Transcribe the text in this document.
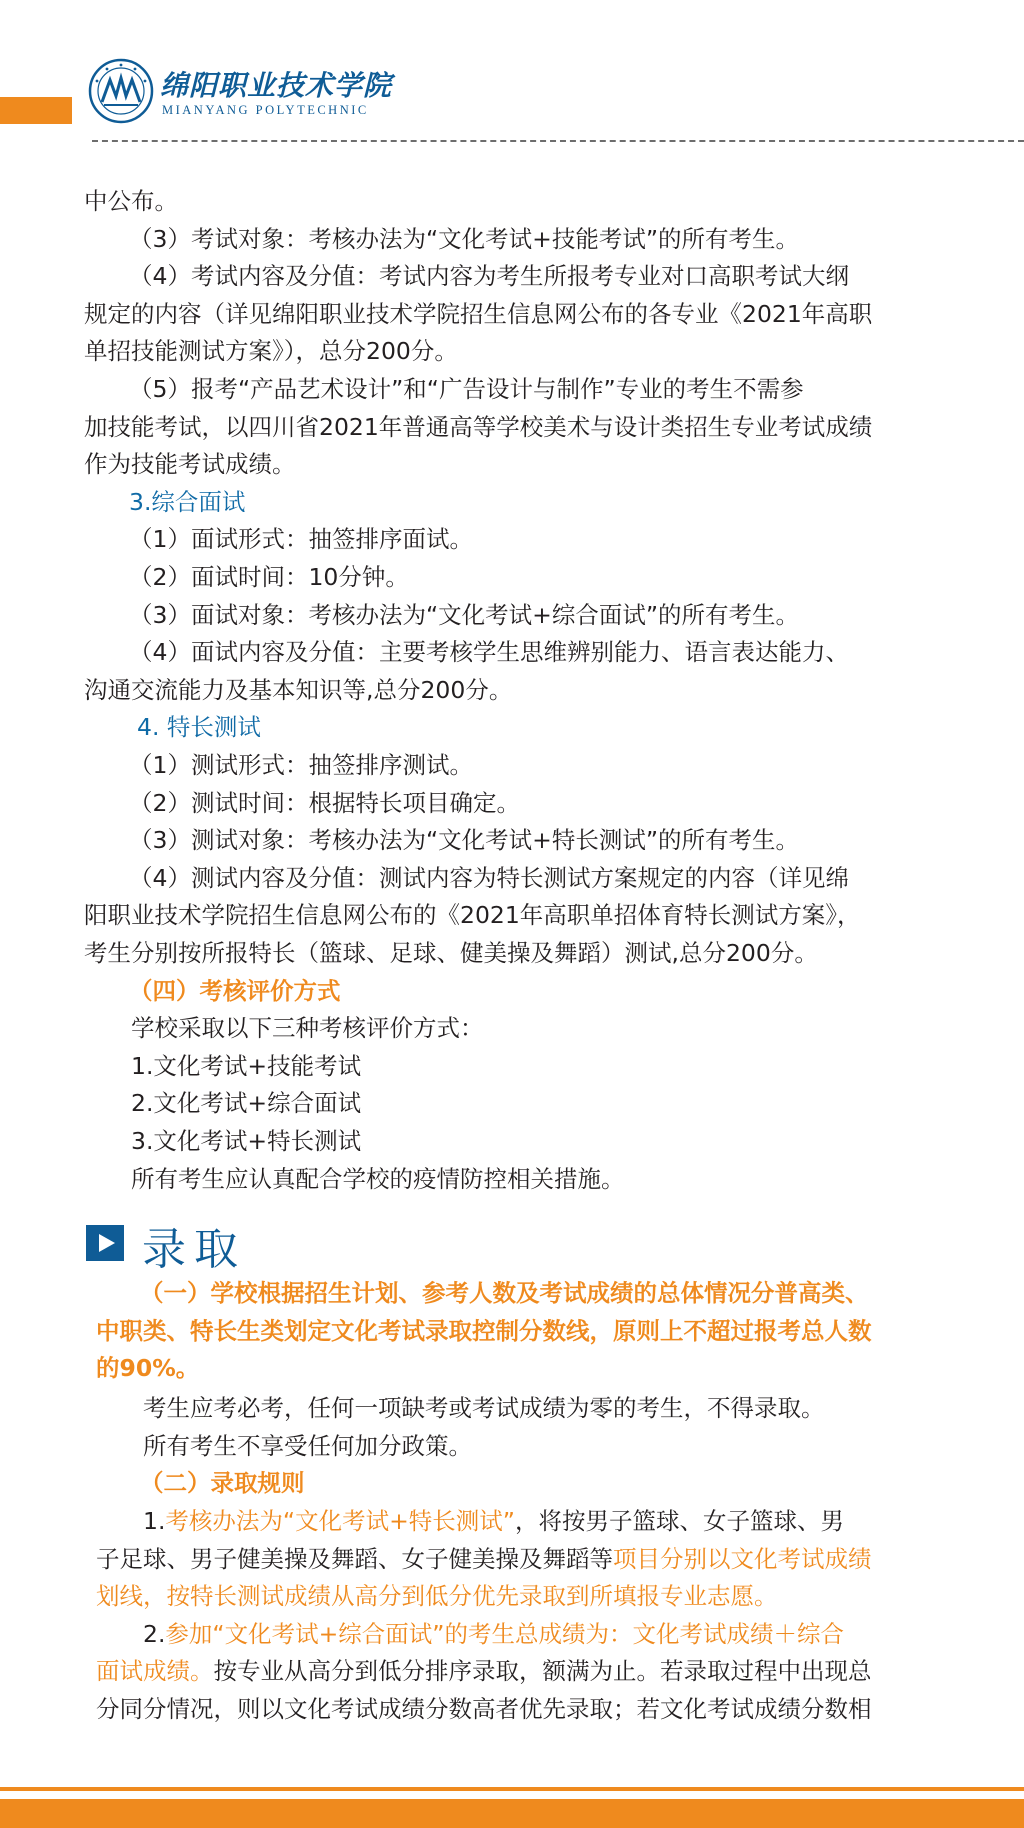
绵阳职业技术学院
MIANYANG POLYTECHNIC
中公布。
（3）考试对象：考核办法为“文化考试+技能考试”的所有考生。
（4）考试内容及分值：考试内容为考生所报考专业对口高职考试大纲
规定的内容（详见绵阳职业技术学院招生信息网公布的各专业《2021年高职
单招技能测试方案》），总分200分。
（5）报考“产品艺术设计”和“广告设计与制作”专业的考生不需参
加技能考试，以四川省2021年普通高等学校美术与设计类招生专业考试成绩
作为技能考试成绩。
3.综合面试
（1）面试形式：抽签排序面试。
（2）面试时间：10分钟。
（3）面试对象：考核办法为“文化考试+综合面试”的所有考生。
（4）面试内容及分值：主要考核学生思维辨别能力、语言表达能力、
沟通交流能力及基本知识等,总分200分。
4. 特长测试
（1）测试形式：抽签排序测试。
（2）测试时间：根据特长项目确定。
（3）测试对象：考核办法为“文化考试+特长测试”的所有考生。
（4）测试内容及分值：测试内容为特长测试方案规定的内容（详见绵
阳职业技术学院招生信息网公布的《2021年高职单招体育特长测试方案》，
考生分别按所报特长（篮球、足球、健美操及舞蹈）测试,总分200分。
（四）考核评价方式
学校采取以下三种考核评价方式：
1.文化考试+技能考试
2.文化考试+综合面试
3.文化考试+特长测试
所有考生应认真配合学校的疫情防控相关措施。
录取
（一）学校根据招生计划、参考人数及考试成绩的总体情况分普高类、
中职类、特长生类划定文化考试录取控制分数线，原则上不超过报考总人数
的90%。
考生应考必考，任何一项缺考或考试成绩为零的考生，不得录取。
所有考生不享受任何加分政策。
（二）录取规则
1.考核办法为“文化考试+特长测试”，将按男子篮球、女子篮球、男
子足球、男子健美操及舞蹈、女子健美操及舞蹈等项目分别以文化考试成绩
划线，按特长测试成绩从高分到低分优先录取到所填报专业志愿。
2.参加“文化考试+综合面试”的考生总成绩为：文化考试成绩＋综合
面试成绩。按专业从高分到低分排序录取，额满为止。若录取过程中出现总
分同分情况，则以文化考试成绩分数高者优先录取；若文化考试成绩分数相
